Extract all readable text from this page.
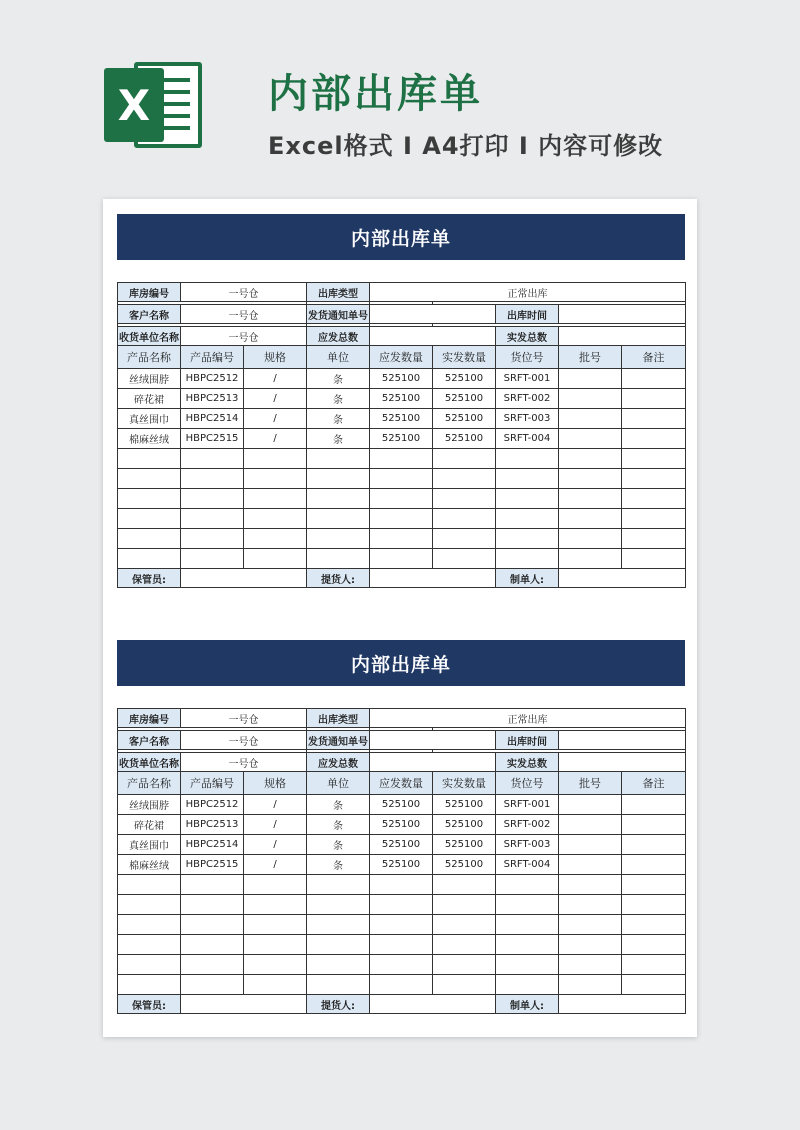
X	内部出库单
Excel格式 I A4打印 I 内容可修改
内部出库单
库房编号	一号仓		出库类型	正常出库				

客户名称	一号仓		发货通知单号			出库时间		

收货单位名称	一号仓		应发总数			实发总数		
产品名称	产品编号	规格	单位	应发数量	实发数量	货位号	批号	备注
丝绒围脖	HBPC2512	/	条	525100	525100	SRFT-001		
碎花裙	HBPC2513	/	条	525100	525100	SRFT-002		
真丝围巾	HBPC2514	/	条	525100	525100	SRFT-003		
棉麻丝绒	HBPC2515	/	条	525100	525100	SRFT-004		

保管员:			提货人:			制单人:		
内部出库单
库房编号	一号仓		出库类型	正常出库				

客户名称	一号仓		发货通知单号			出库时间		

收货单位名称	一号仓		应发总数			实发总数		
产品名称	产品编号	规格	单位	应发数量	实发数量	货位号	批号	备注
丝绒围脖	HBPC2512	/	条	525100	525100	SRFT-001		
碎花裙	HBPC2513	/	条	525100	525100	SRFT-002		
真丝围巾	HBPC2514	/	条	525100	525100	SRFT-003		
棉麻丝绒	HBPC2515	/	条	525100	525100	SRFT-004		

保管员:			提货人:			制单人:		
